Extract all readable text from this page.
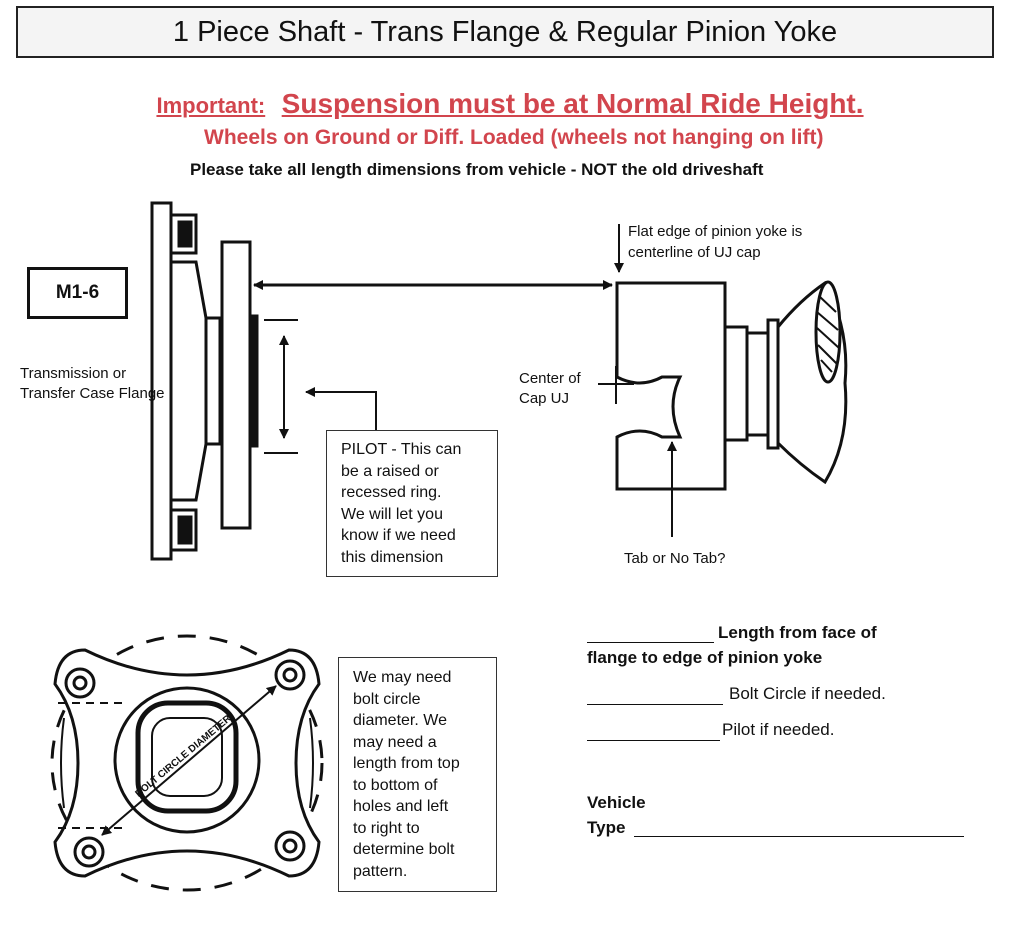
1 Piece Shaft - Trans Flange & Regular Pinion Yoke
Important: Suspension must be at Normal Ride Height.
Wheels on Ground or Diff. Loaded (wheels not hanging on lift)
Please take all length dimensions from vehicle - NOT the old driveshaft
BOLT CIRCLE DIAMETER
M1-6
Transmission or
Transfer Case Flange
Flat edge of pinion yoke is
centerline of UJ cap
Center of
Cap UJ
Tab or No Tab?
PILOT - This can
be a raised or
recessed ring.
We will let you
know if we need
this dimension
We may need
bolt circle
diameter. We
may need a
length from top
to bottom of
holes and left
to right to
determine bolt
pattern.
Length from face of
flange to edge of pinion yoke
Bolt Circle if needed.
Pilot if needed.
Vehicle
Type
